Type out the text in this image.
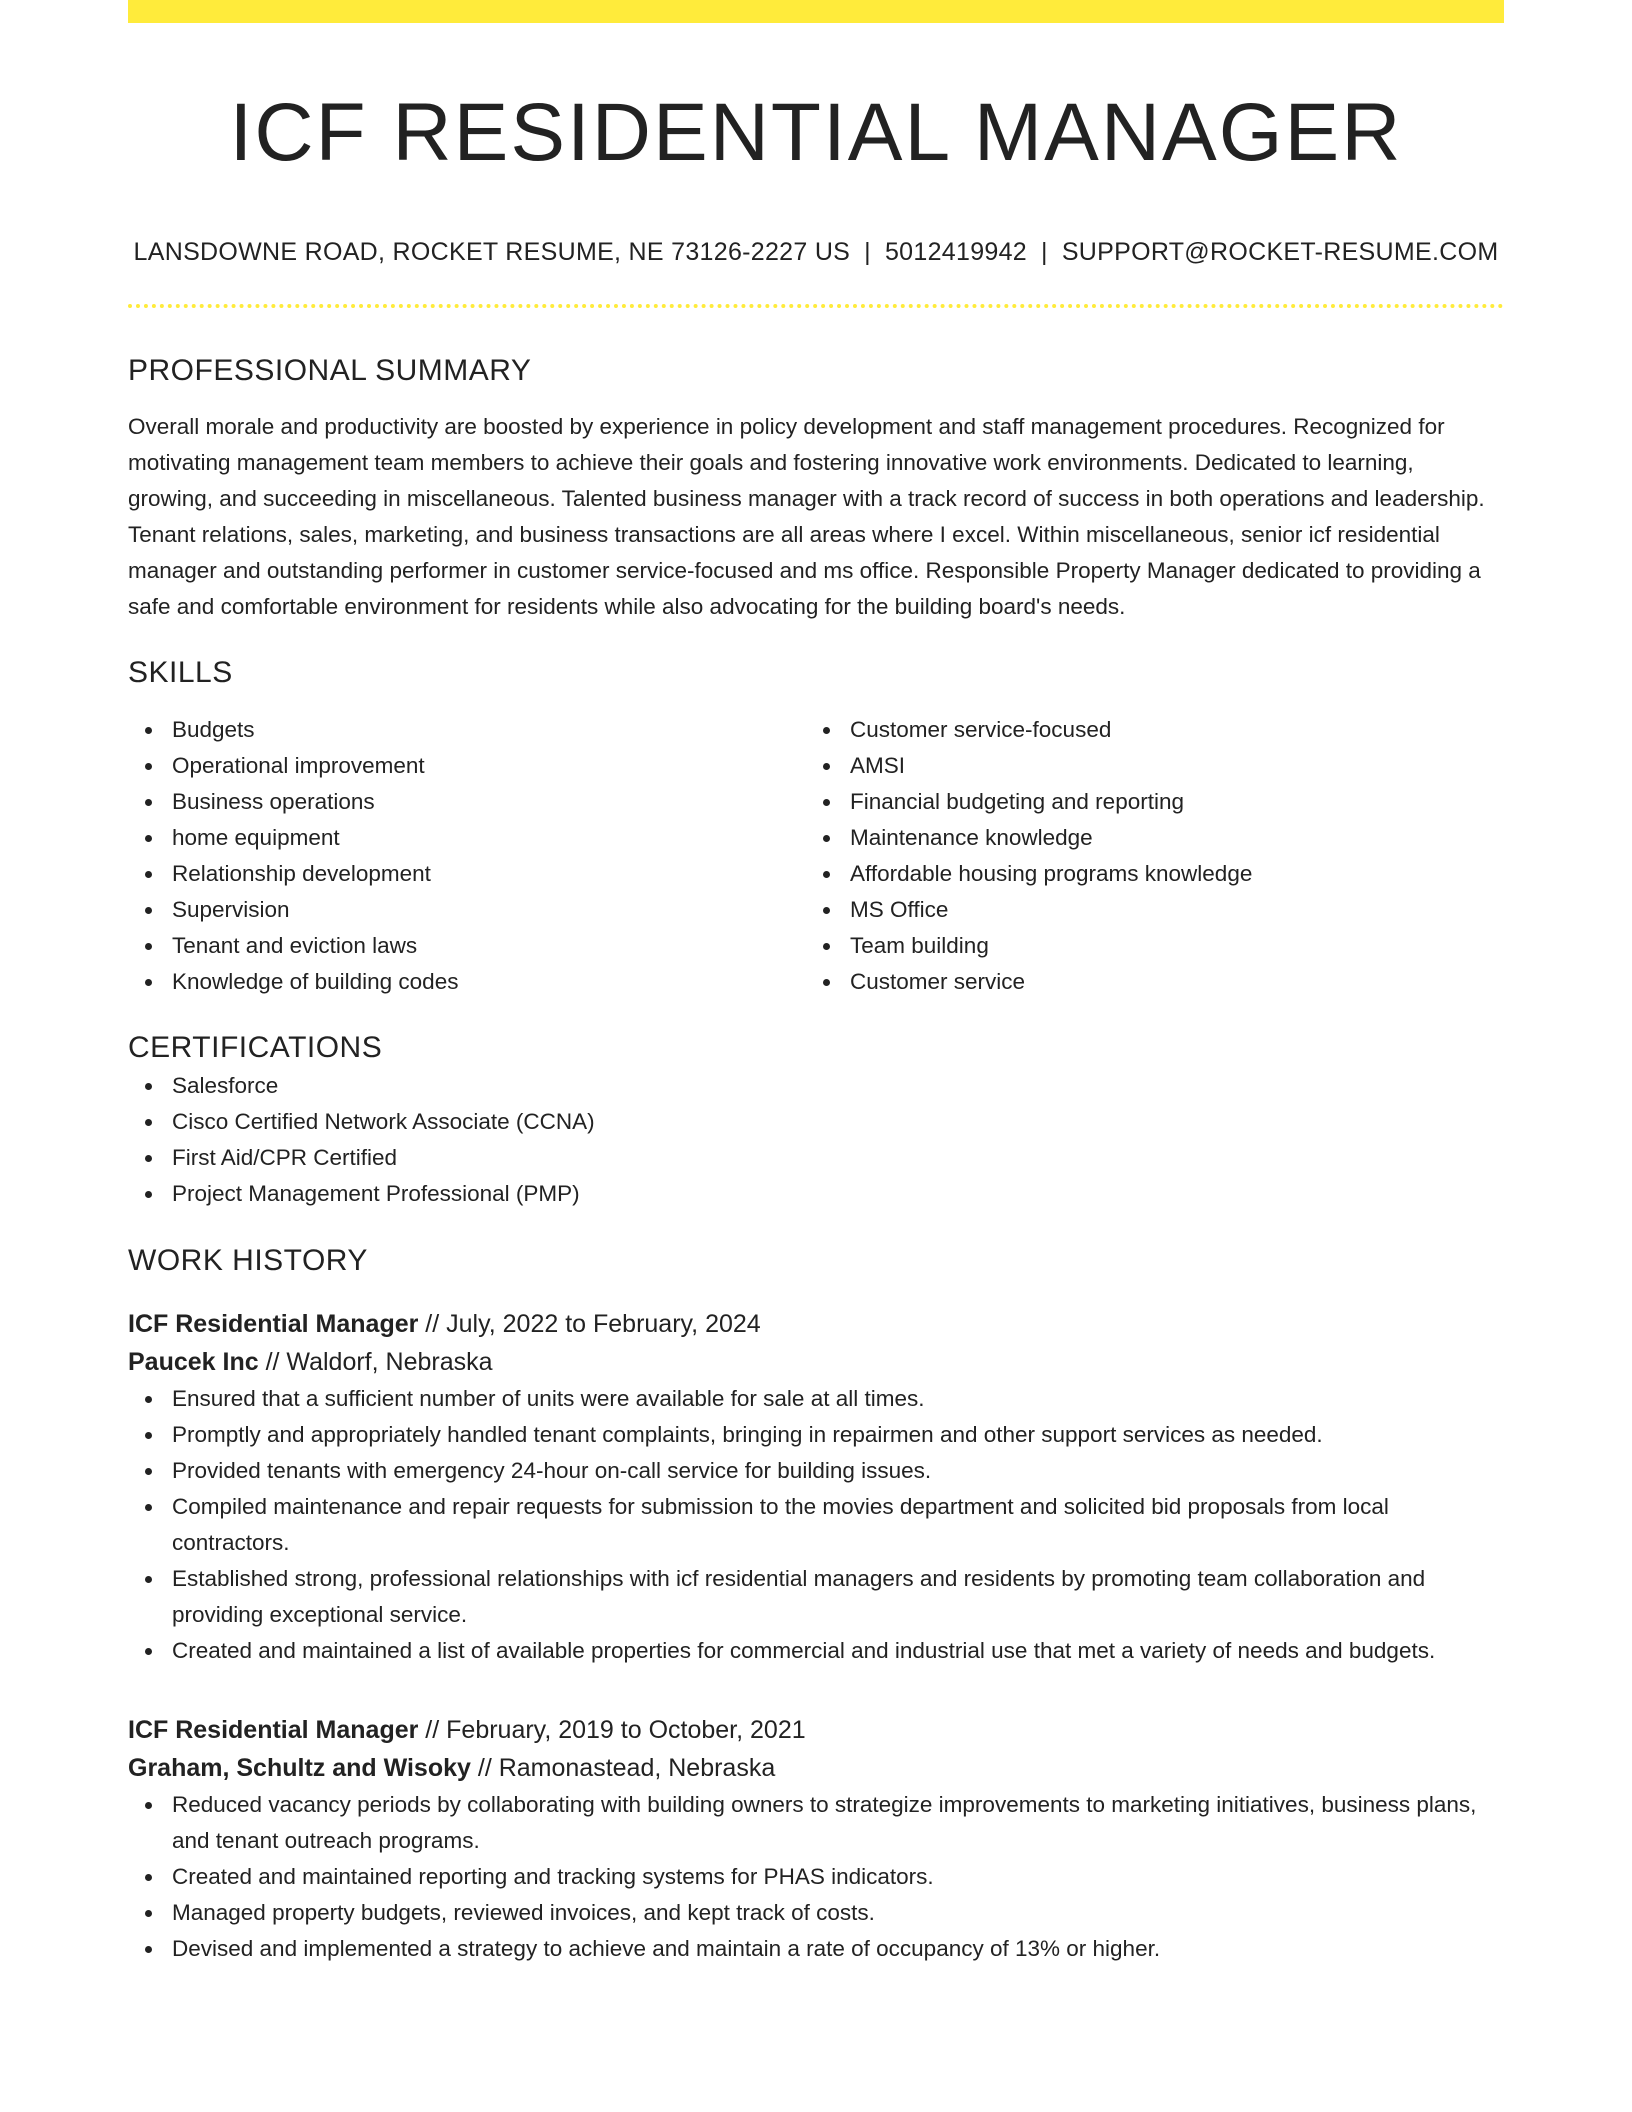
ICF RESIDENTIAL MANAGER
LANSDOWNE ROAD, ROCKET RESUME, NE 73126-2227 US | 5012419942 | SUPPORT@ROCKET-RESUME.COM
PROFESSIONAL SUMMARY

Overall morale and productivity are boosted by experience in policy development and staff management procedures. Recognized for motivating management team members to achieve their goals and fostering innovative work environments. Dedicated to learning, growing, and succeeding in miscellaneous. Talented business manager with a track record of success in both operations and leadership. Tenant relations, sales, marketing, and business transactions are all areas where I excel. Within miscellaneous, senior icf residential manager and outstanding performer in customer service-focused and ms office. Responsible Property Manager dedicated to providing a safe and comfortable environment for residents while also advocating for the building board's needs.

SKILLS
Budgets
Operational improvement
Business operations
home equipment
Relationship development
Supervision
Tenant and eviction laws
Knowledge of building codes
Customer service-focused
AMSI
Financial budgeting and reporting
Maintenance knowledge
Affordable housing programs knowledge
MS Office
Team building
Customer service
CERTIFICATIONS
Salesforce
Cisco Certified Network Associate (CCNA)
First Aid/CPR Certified
Project Management Professional (PMP)
WORK HISTORY
ICF Residential Manager // July, 2022 to February, 2024
Paucek Inc // Waldorf, Nebraska
Ensured that a sufficient number of units were available for sale at all times.
Promptly and appropriately handled tenant complaints, bringing in repairmen and other support services as needed.
Provided tenants with emergency 24-hour on-call service for building issues.
Compiled maintenance and repair requests for submission to the movies department and solicited bid proposals from local contractors.
Established strong, professional relationships with icf residential managers and residents by promoting team collaboration and providing exceptional service.
Created and maintained a list of available properties for commercial and industrial use that met a variety of needs and budgets.
ICF Residential Manager // February, 2019 to October, 2021
Graham, Schultz and Wisoky // Ramonastead, Nebraska
Reduced vacancy periods by collaborating with building owners to strategize improvements to marketing initiatives, business plans, and tenant outreach programs.
Created and maintained reporting and tracking systems for PHAS indicators.
Managed property budgets, reviewed invoices, and kept track of costs.
Devised and implemented a strategy to achieve and maintain a rate of occupancy of 13% or higher.
